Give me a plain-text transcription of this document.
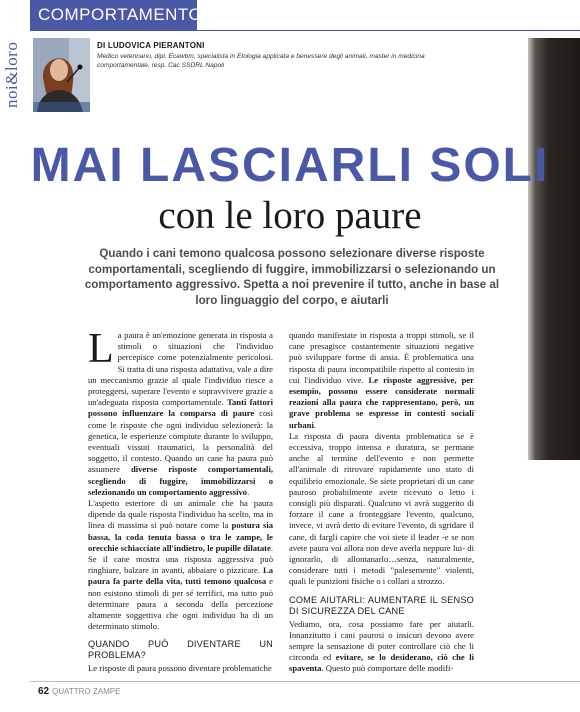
COMPORTAMENTO
noi&loro	DI LUDOVICA PIERANTONI
Medico veterinario, dipl. Ecawbm, specialista in Etologia applicata e benessere degli animali, master in medicina comportamentale, resp. Cac SSDRL Napoli
MAI LASCIARLI SOLI
con le loro paure
Quando i cani temono qualcosa possono selezionare diverse risposte comportamentali, scegliendo di fuggire, immobilizzarsi o selezionando un comportamento aggressivo. Spetta a noi prevenire il tutto, anche in base al loro linguaggio del corpo, e aiutarli

La paura è un'emozione generata in risposta a stimoli o situazioni che l'individuo percepisce come potenzialmente pericolosi. Si tratta di una risposta adattativa, vale a dire un meccanismo grazie al quale l'individuo riesce a proteggersi, superare l'evento e sopravvivere grazie a un'adeguata risposta comportamentale. Tanti fattori possono influenzare la comparsa di paure così come le risposte che ogni individuo selezionerà: la genetica, le esperienze compiute durante lo sviluppo, eventuali vissuti traumatici, la personalità del soggetto, il contesto. Quando un cane ha paura può assumere diverse risposte comportamentali, scegliendo di fuggire, immobilizzarsi o selezionando un comportamento aggressivo.

L'aspetto esteriore di un animale che ha paura dipende da quale risposta l'individuo ha scelto, ma in linea di massima si può notare come la postura sia bassa, la coda tenuta bassa o tra le zampe, le orecchie schiacciate all'indietro, le pupille dilatate. Se il cane mostra una risposta aggressiva può ringhiare, balzare in avanti, abbaiare o pizzicare. La paura fa parte della vita, tutti temono qualcosa e non esistono stimoli di per sé terrifici, ma tutto può determinare paura a seconda della percezione altamente soggettiva che ogni individuo ha di un determinato stimolo.

QUANDO PUÒ DIVENTARE UN PROBLEMA?

Le risposte di paura possono diventare problematiche

quando manifestate in risposta a troppi stimoli, se il cane presagisce costantemente situazioni negative può sviluppare forme di ansia. È problematica una risposta di paura incompatibile rispetto al contesto in cui l'individuo vive. Le risposte aggressive, per esempio, possono essere considerate normali reazioni alla paura che rappresentano, però, un grave problema se espresse in contesti sociali urbani.

La risposta di paura diventa problematica se è eccessiva, troppo intensa e duratura, se permane anche al termine dell'evento e non permette all'animale di ritrovare rapidamente uno stato di equilibrio emozionale. Se siete proprietari di un cane pauroso probabilmente avete ricevuto o letto i consigli più disparati. Qualcuno vi avrà suggerito di forzare il cane a fronteggiare l'evento, qualcuno, invece, vi avrà detto di evitare l'evento, di sgridare il cane, di fargli capire che voi siete il leader -e se non avete paura voi allora non deve averla neppure lui- di ignorarlo, di allontanarlo…senza, naturalmente, considerare tutti i metodi "palesemente" violenti, quali le punizioni fisiche o i collari a strozzo.

COME AIUTARLI: AUMENTARE IL SENSO DI SICUREZZA DEL CANE

Vediamo, ora, cosa possiamo fare per aiutarli. Innanzitutto i cani paurosi o insicuri devono avere sempre la sensazione di poter controllare ciò che li circonda ed evitare, se lo desiderano, ciò che li spaventa. Questo può comportare delle modifi-

62 QUATTRO ZAMPE
